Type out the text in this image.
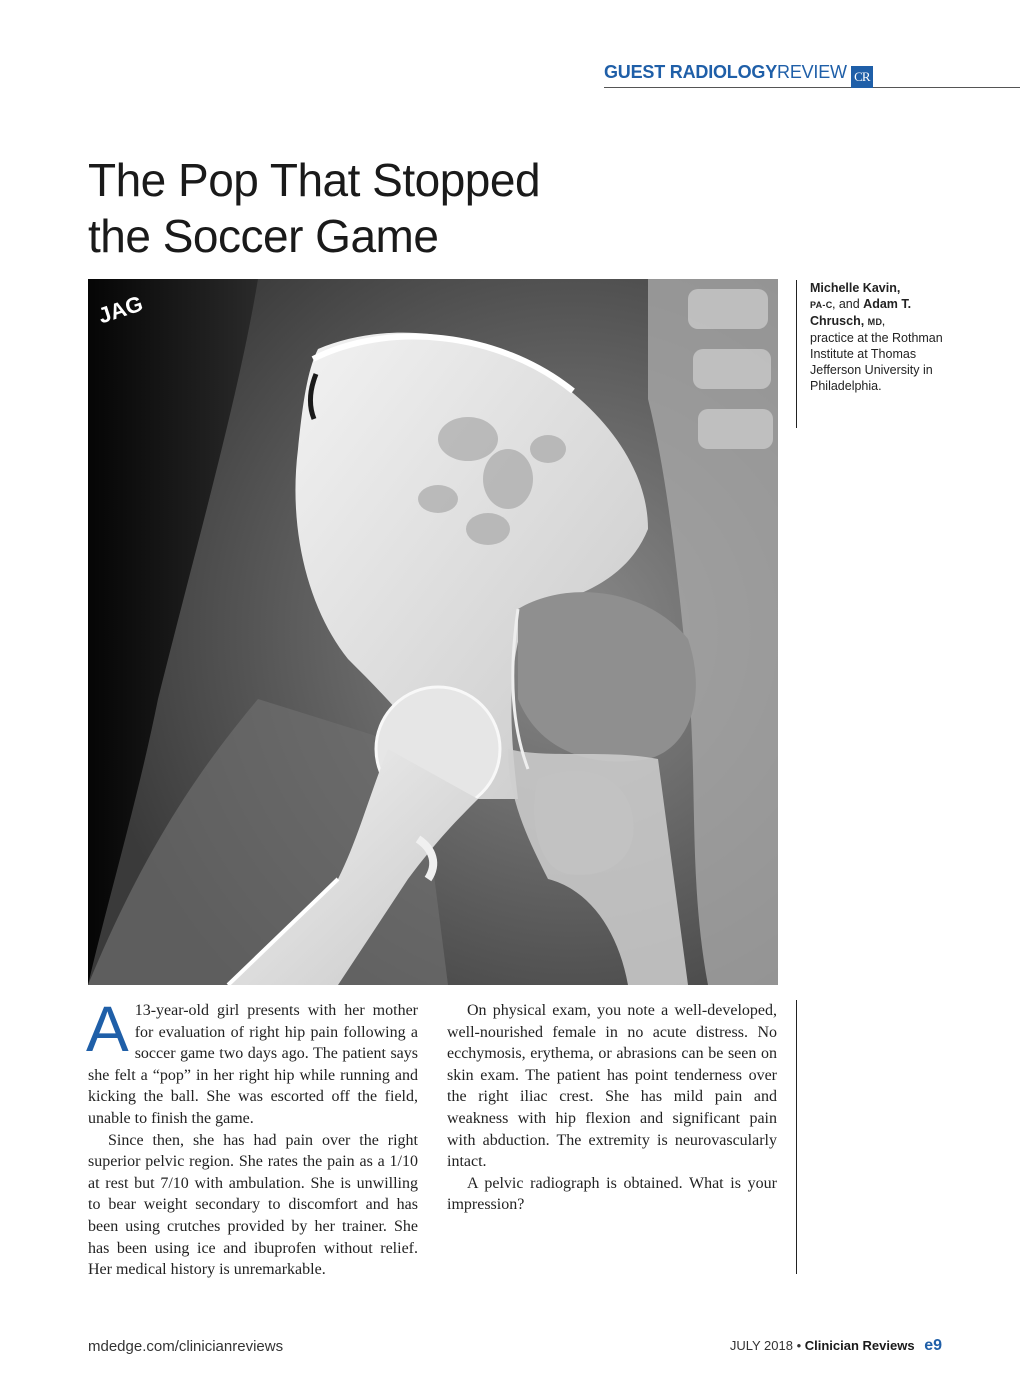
GUEST RADIOLOGYREVIEW CR
The Pop That Stopped
the Soccer Game
JAG
Michelle Kavin,
PA-C, and Adam T.
Chrusch, MD,
practice at the Rothman Institute at Thomas Jefferson University in Philadelphia.
A 13-year-old girl presents with her mother for evaluation of right hip pain following a soccer game two days ago. The patient says she felt a “pop” in her right hip while running and kicking the ball. She was escorted off the field, unable to finish the game.

Since then, she has had pain over the right superior pelvic region. She rates the pain as a 1/10 at rest but 7/10 with ambulation. She is unwilling to bear weight secondary to discomfort and has been using crutches provided by her trainer. She has been using ice and ibuprofen without relief. Her medical history is unremarkable.

On physical exam, you note a well-developed, well-nourished female in no acute distress. No ecchymosis, erythema, or abrasions can be seen on skin exam. The patient has point tenderness over the right iliac crest. She has mild pain and weakness with hip flexion and significant pain with abduction. The extremity is neurovascularly intact.

A pelvic radiograph is obtained. What is your impression?

mdedge.com/clinicianreviews	JULY 2018 • Clinician Reviews e9
